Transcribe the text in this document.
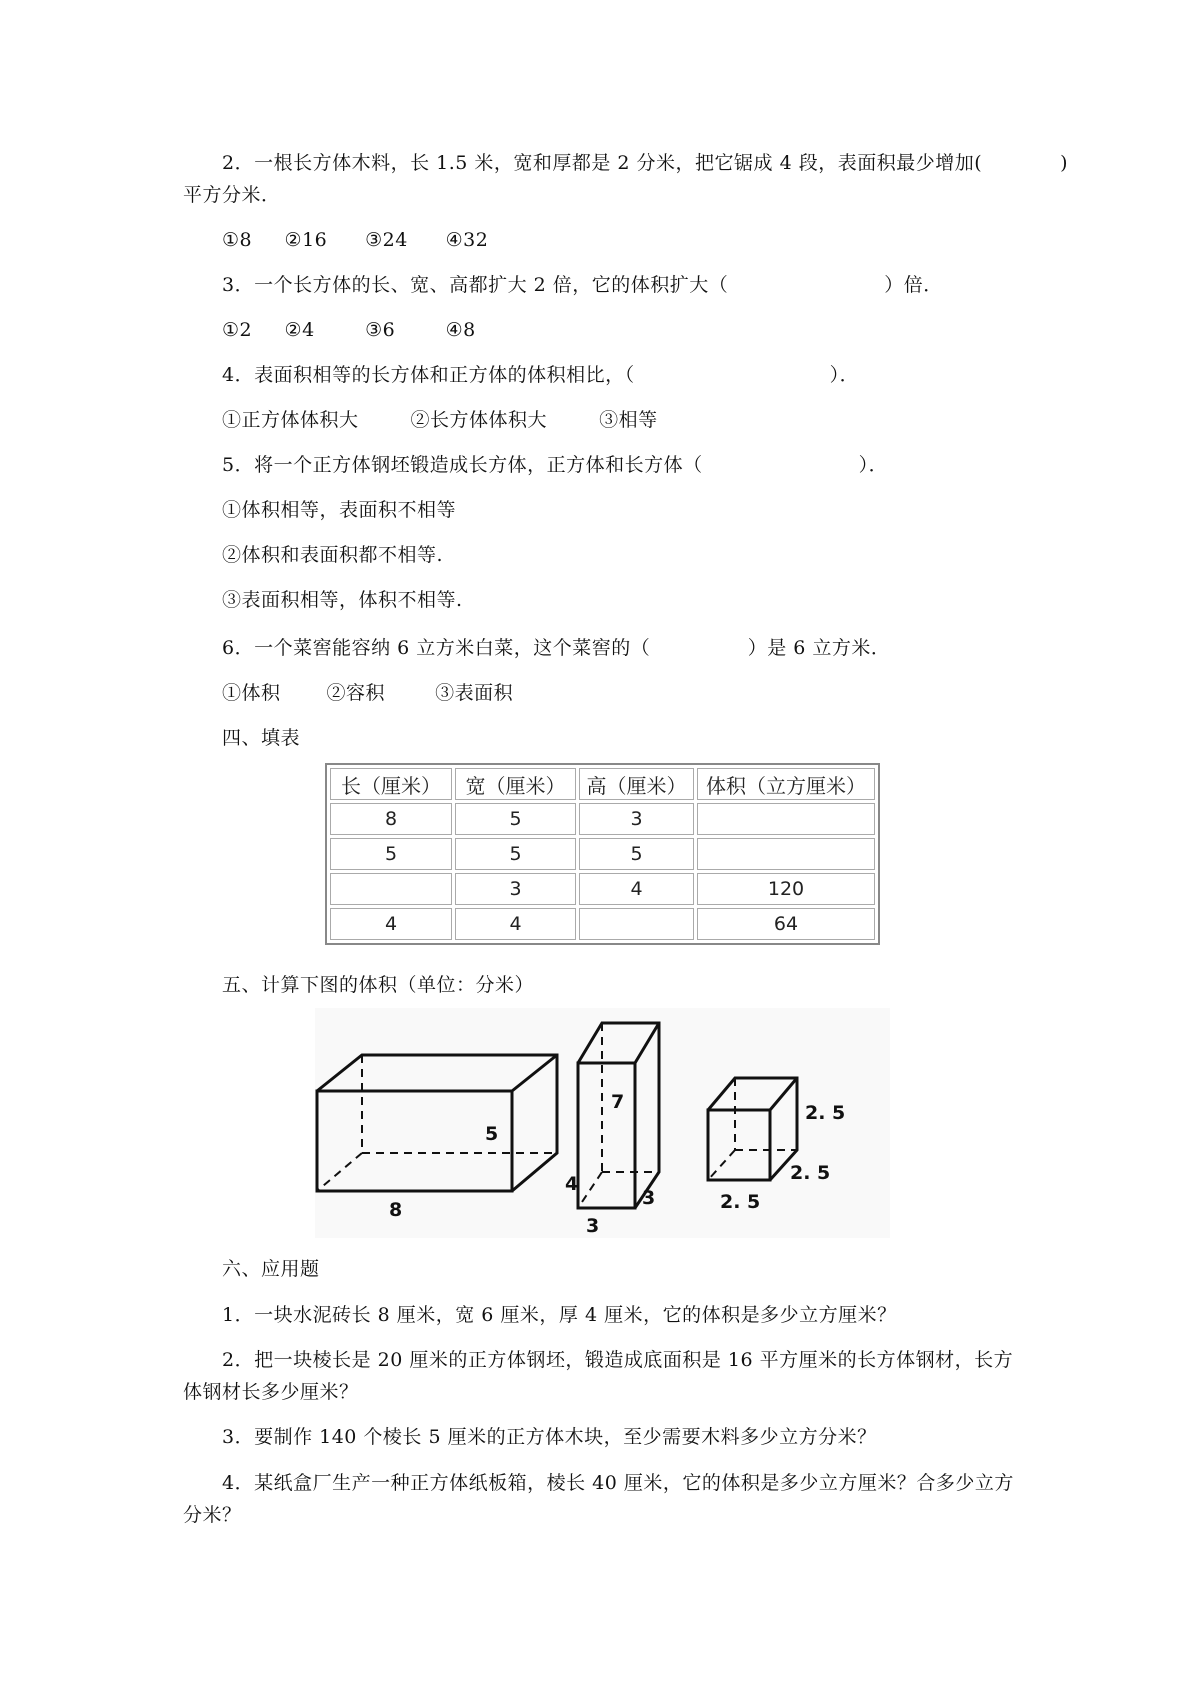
2．一根长方体木料，长 1.5 米，宽和厚都是 2 分米，把它锯成 4 段，表面积最少增加(　　　　)
平方分米．
①8 ②16 ③24 ④32
3．一个长方体的长、宽、高都扩大 2 倍，它的体积扩大（　　　　　　　　）倍．
①2 ②4	③6	④8
4．表面积相等的长方体和正方体的体积相比，（　　　　　　　　　　）．
①正方体体积大	②长方体体积大	③相等
5．将一个正方体钢坯锻造成长方体，正方体和长方体（　　　　　　　　）．
①体积相等，表面积不相等
②体积和表面积都不相等.
③表面积相等，体积不相等.
6．一个菜窖能容纳 6 立方米白菜，这个菜窖的（　　　　　）是 6 立方米．
①体积 ②容积	③表面积
四、填表
长（厘米）	宽（厘米）	高（厘米）	体积（立方厘米）
8	5	3	
5	5	5	
	3	4	120
4	4		64
五、计算下图的体积（单位：分米）
8
5
4
7
3
3
2. 5
2. 5
2. 5
六、应用题
1．一块水泥砖长 8 厘米，宽 6 厘米，厚 4 厘米，它的体积是多少立方厘米？
2．把一块棱长是 20 厘米的正方体钢坯，锻造成底面积是 16 平方厘米的长方体钢材，长方
体钢材长多少厘米？
3．要制作 140 个棱长 5 厘米的正方体木块，至少需要木料多少立方分米？
4．某纸盒厂生产一种正方体纸板箱，棱长 40 厘米，它的体积是多少立方厘米？合多少立方
分米？
